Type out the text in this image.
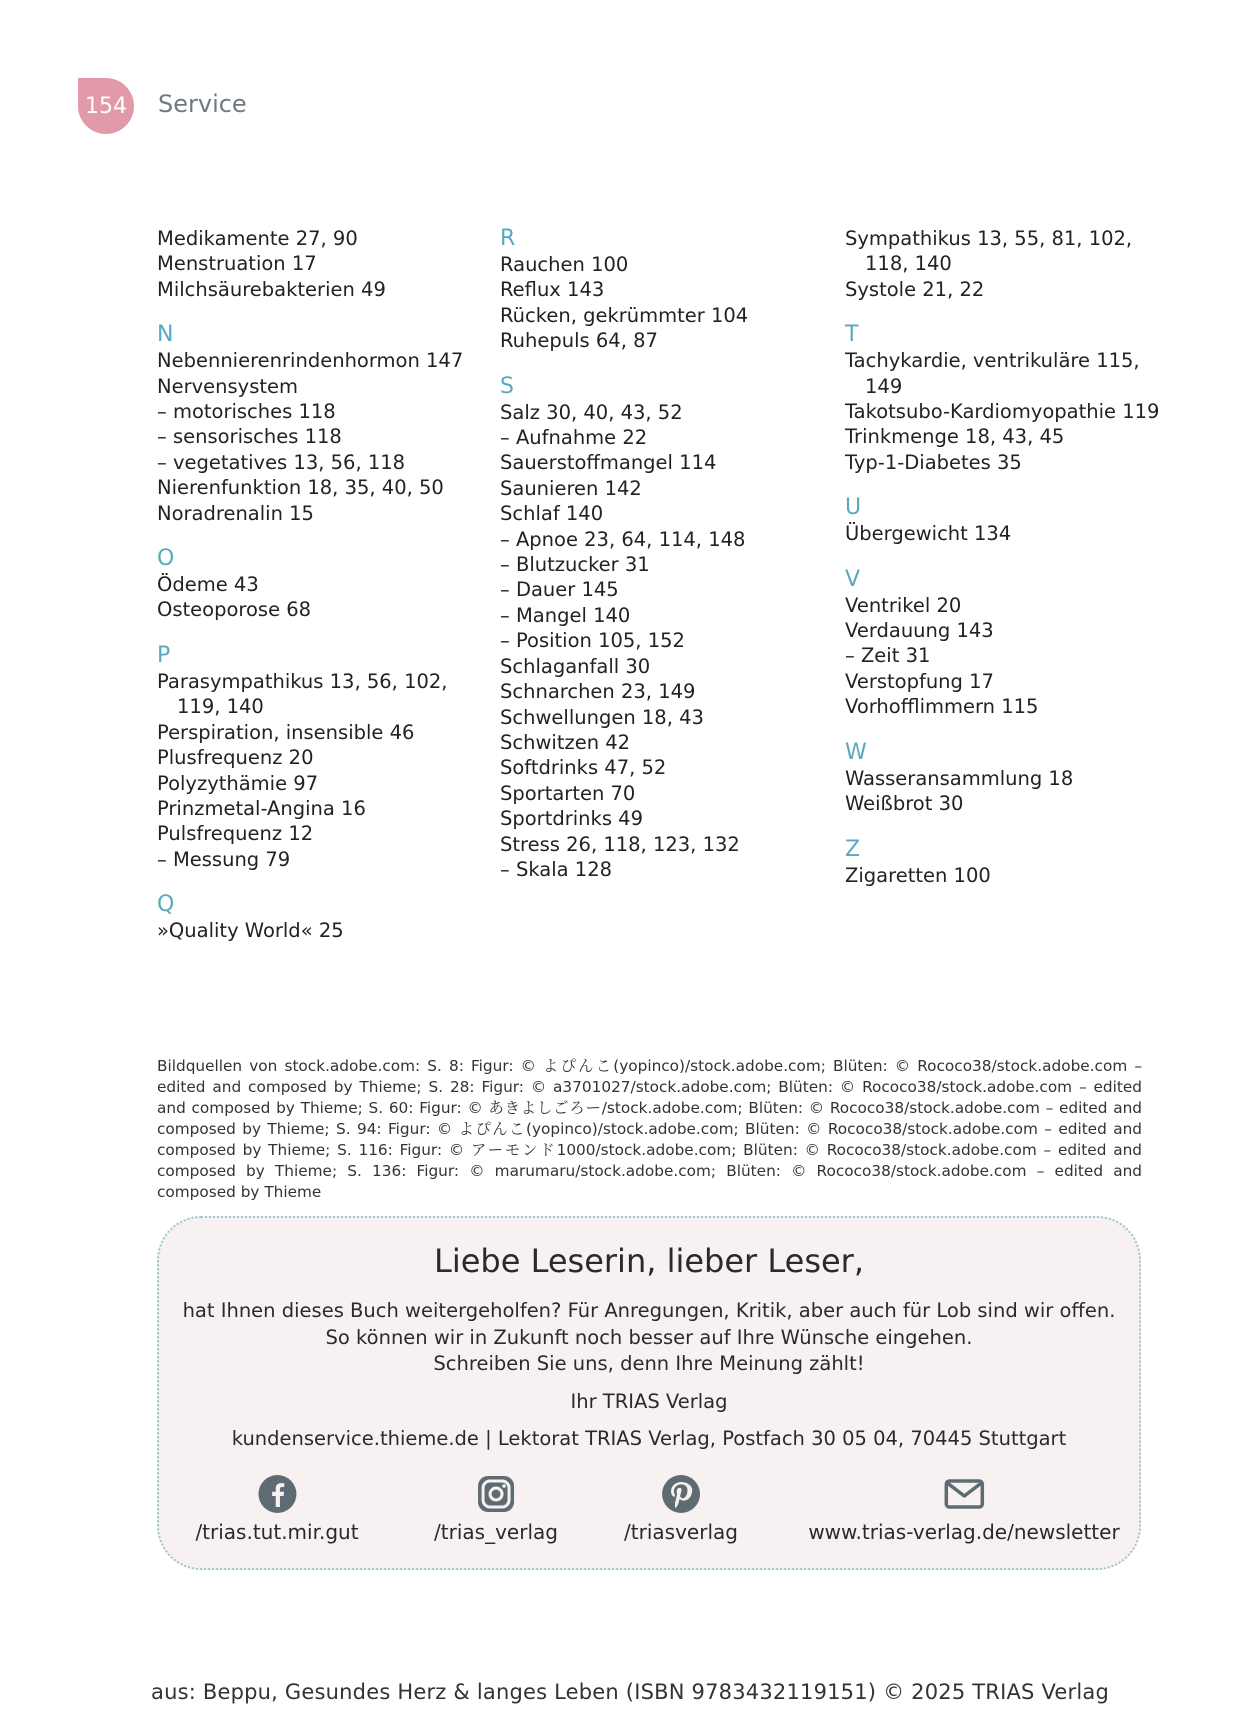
154 Service
Medikamente 27, 90
Menstruation 17
Milchsäurebakterien 49
N
Nebennierenrindenhormon 147
Nervensystem
– motorisches 118
– sensorisches 118
– vegetatives 13, 56, 118
Nierenfunktion 18, 35, 40, 50
Noradrenalin 15
O
Ödeme 43
Osteoporose 68
P
Parasympathikus 13, 56, 102,
119, 140
Perspiration, insensible 46
Plusfrequenz 20
Polyzythämie 97
Prinzmetal-Angina 16
Pulsfrequenz 12
– Messung 79
Q
»Quality World« 25
R
Rauchen 100
Reflux 143
Rücken, gekrümmter 104
Ruhepuls 64, 87
S
Salz 30, 40, 43, 52
– Aufnahme 22
Sauerstoffmangel 114
Saunieren 142
Schlaf 140
– Apnoe 23, 64, 114, 148
– Blutzucker 31
– Dauer 145
– Mangel 140
– Position 105, 152
Schlaganfall 30
Schnarchen 23, 149
Schwellungen 18, 43
Schwitzen 42
Softdrinks 47, 52
Sportarten 70
Sportdrinks 49
Stress 26, 118, 123, 132
– Skala 128
Sympathikus 13, 55, 81, 102,
118, 140
Systole 21, 22
T
Tachykardie, ventrikuläre 115,
149
Takotsubo-Kardiomyopathie 119
Trinkmenge 18, 43, 45
Typ-1-Diabetes 35
U
Übergewicht 134
V
Ventrikel 20
Verdauung 143
– Zeit 31
Verstopfung 17
Vorhofflimmern 115
W
Wasseransammlung 18
Weißbrot 30
Z
Zigaretten 100
Bildquellen von stock.adobe.com: S. 8: Figur: © よぴんこ(yopinco)/stock.adobe.com; Blüten: © Rococo38/stock.adobe.com – edited and composed by Thieme; S. 28: Figur: © a3701027/stock.adobe.com; Blüten: © Rococo38/stock.adobe.com – edited and composed by Thieme; S. 60: Figur: © あきよしごろー/stock.adobe.com; Blüten: © Rococo38/stock.adobe.com – edited and composed by Thieme; S. 94: Figur: © よぴんこ(yopinco)/stock.adobe.com; Blüten: © Rococo38/stock.adobe.com – edited and composed by Thieme; S. 116: Figur: © アーモンド1000/stock.adobe.com; Blüten: © Rococo38/stock.adobe.com – edited and composed by Thieme; S. 136: Figur: © marumaru/stock.adobe.com; Blüten: © Rococo38/stock.adobe.com – edited and composed by Thieme
Liebe Leserin, lieber Leser,
hat Ihnen dieses Buch weitergeholfen? Für Anregungen, Kritik, aber auch für Lob sind wir offen.
So können wir in Zukunft noch besser auf Ihre Wünsche eingehen.
Schreiben Sie uns, denn Ihre Meinung zählt!
Ihr TRIAS Verlag
kundenservice.thieme.de | Lektorat TRIAS Verlag, Postfach 30 05 04, 70445 Stuttgart
/trias.tut.mir.gut	/trias_verlag	/triasverlag	www.trias-verlag.de/newsletter
aus: Beppu, Gesundes Herz & langes Leben (ISBN 9783432119151) © 2025 TRIAS Verlag
